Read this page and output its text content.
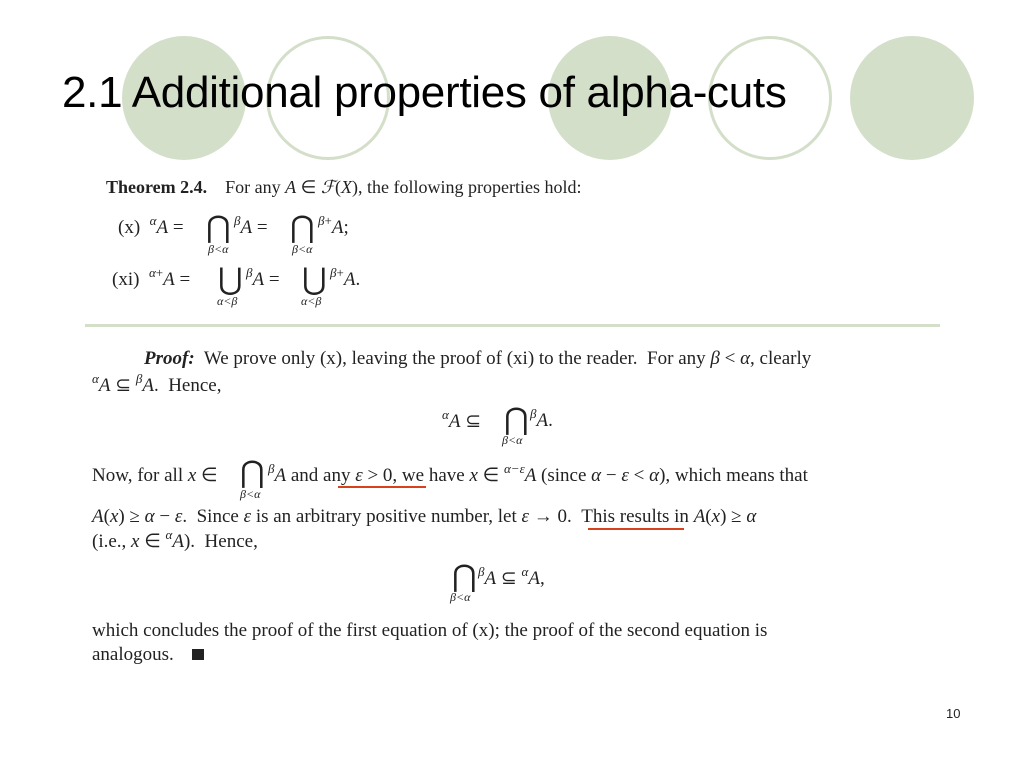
2.1 Additional properties of alpha-cuts
Theorem 2.4.    For any A ∈ ℱ(X), the following properties hold:
(x)  $^\alpha$A = ⋂
β<α
$^\beta$A = ⋂
β<α
$^{\beta+}$A;
(xi)  $^{\alpha+}$A = ⋃
α<β
$^\beta$A = ⋃
α<β
$^{\beta+}$A.
Proof:  We prove only (x), leaving the proof of (xi) to the reader.  For any β < α, clearly
$^\alpha$A ⊆ $^\beta$A.  Hence,
$^\alpha$A ⊆ ⋂
β<α
$^\beta$A.
Now, for all x ∈ ⋂
β<α
$^\beta$A and any ε > 0, we have x ∈ $^{\alpha-\varepsilon}$A (since α − ε < α), which means that
A(x) ≥ α − ε.  Since ε is an arbitrary positive number, let ε → 0.  This results in A(x) ≥ α
(i.e., x ∈ $^\alpha$A).  Hence,
⋂
β<α
$^\beta$A ⊆ $^\alpha$A,
which concludes the proof of the first equation of (x); the proof of the second equation is
analogous.
10
